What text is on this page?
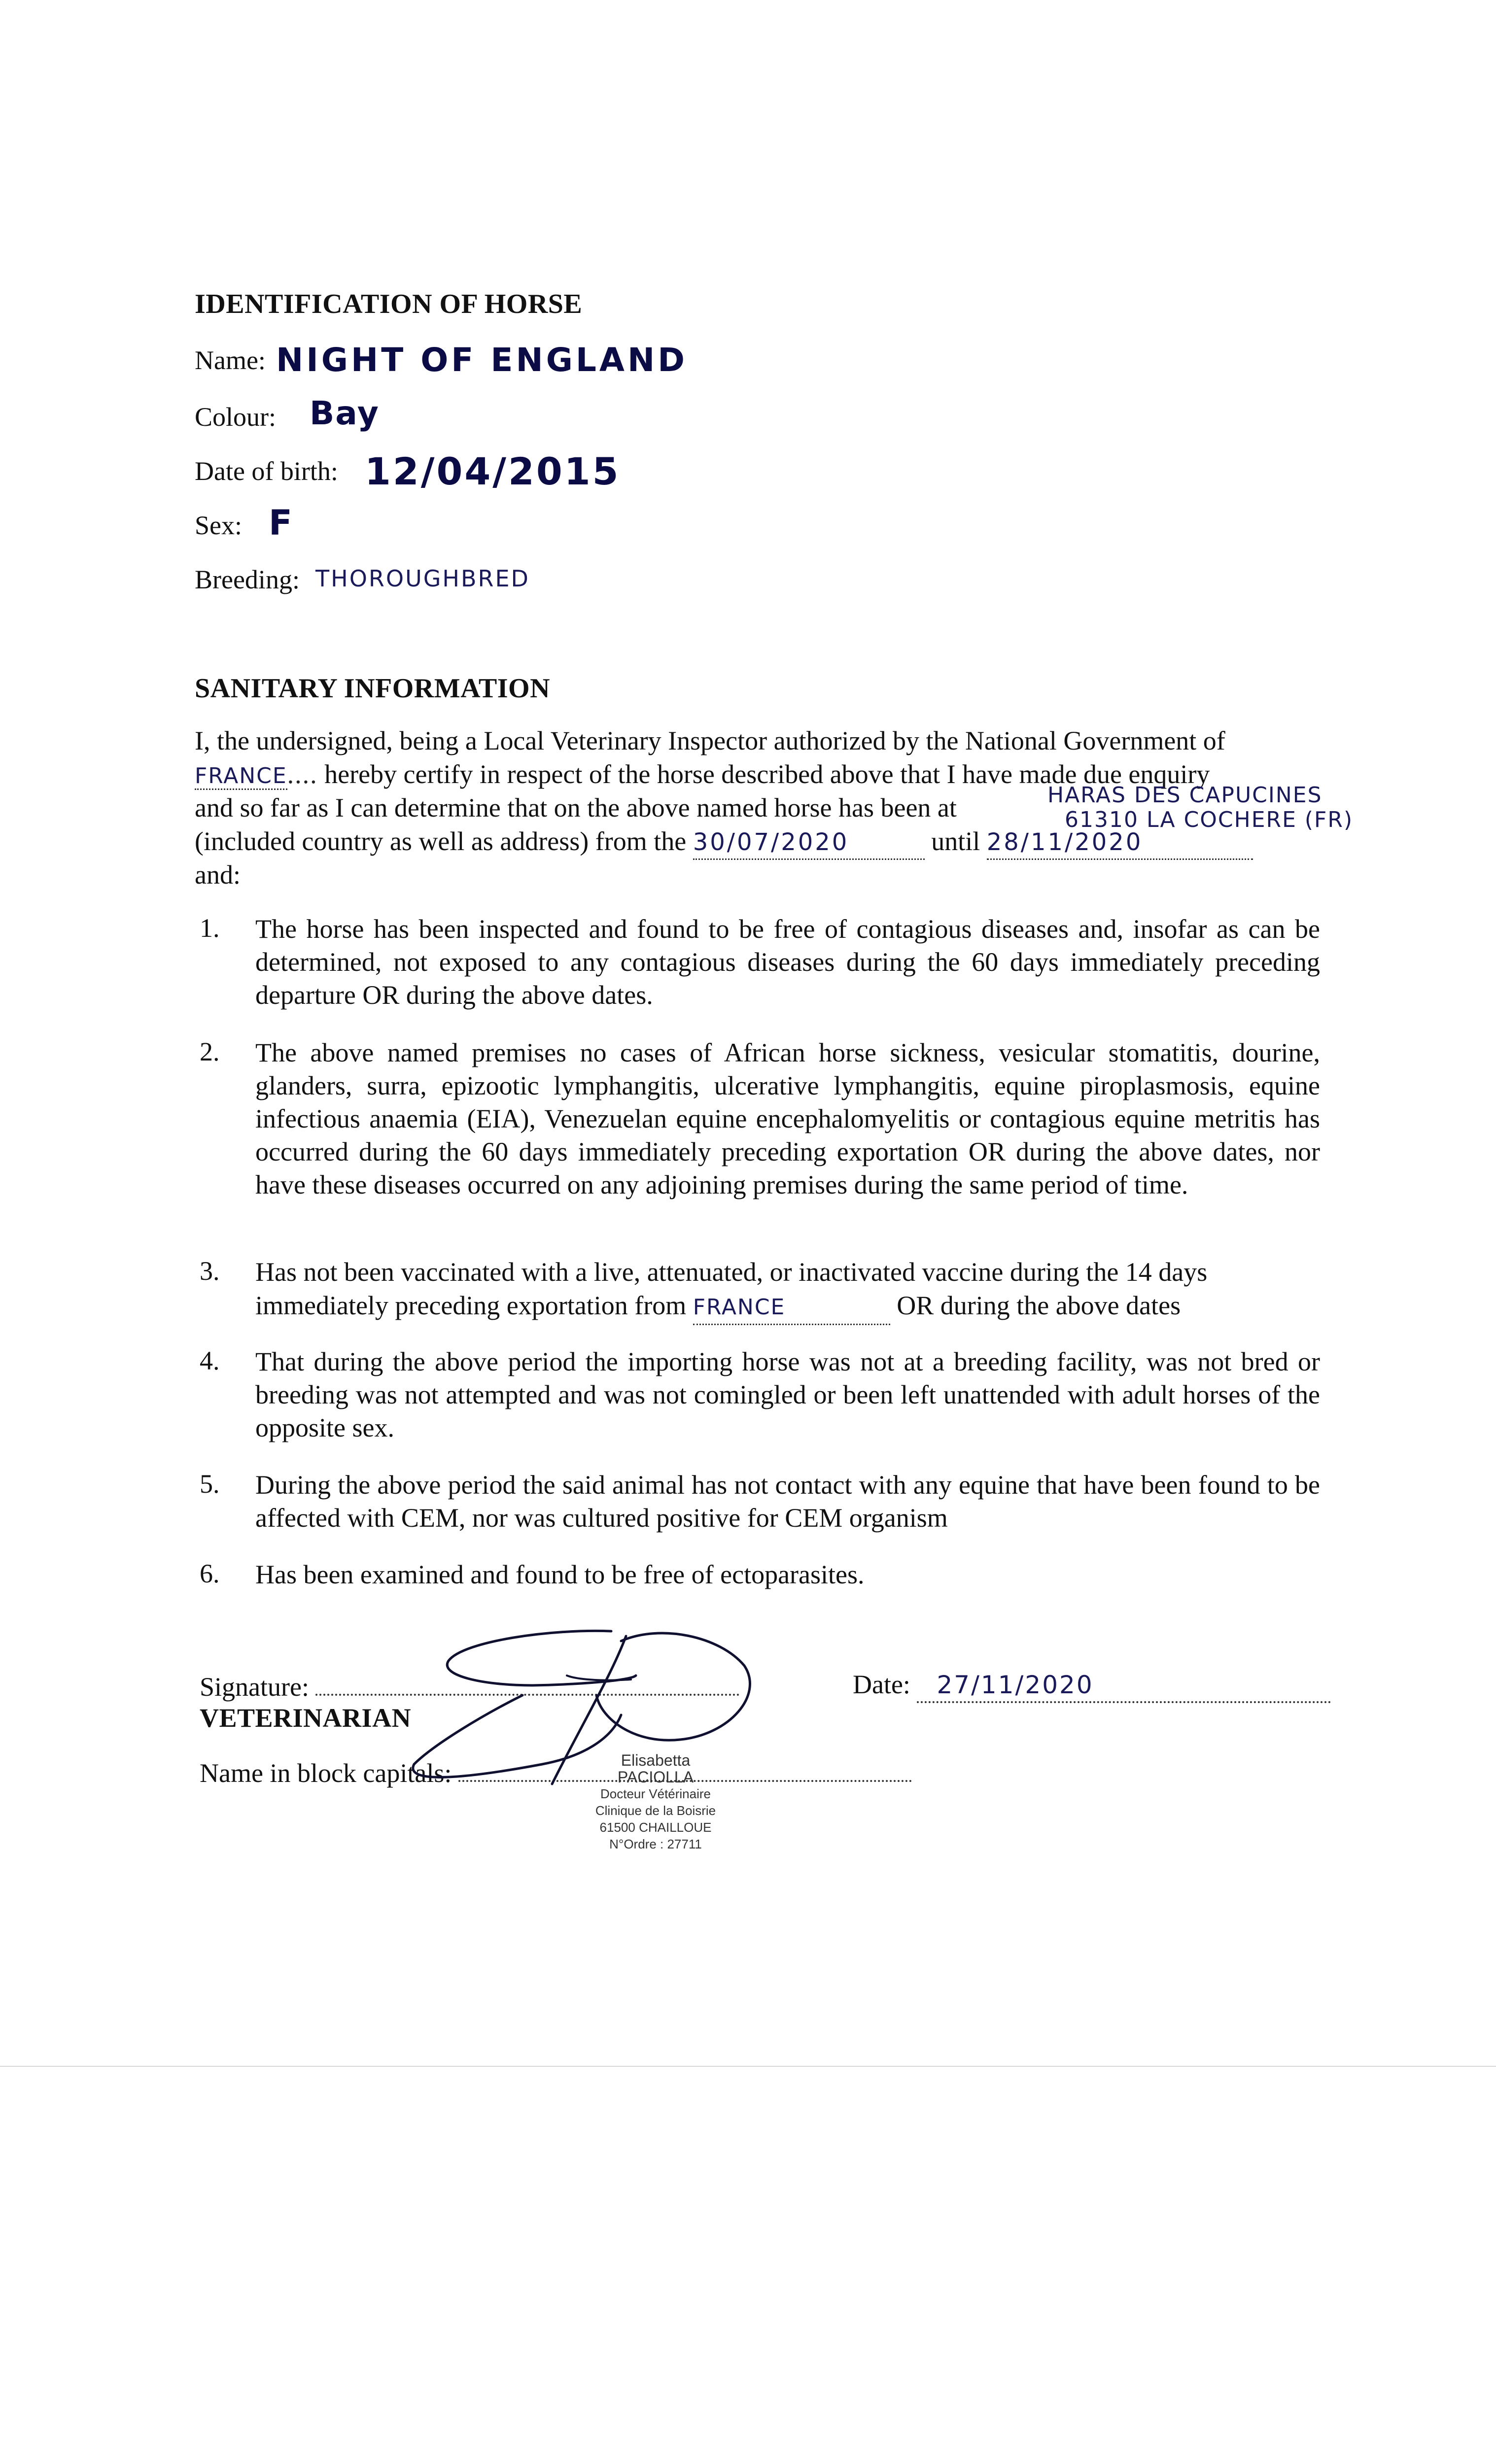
IDENTIFICATION OF HORSE
Name: NIGHT OF ENGLAND
Colour: Bay
Date of birth: 12/04/2015
Sex: F
Breeding: THOROUGHBRED
SANITARY INFORMATION
I, the undersigned, being a Local Veterinary Inspector authorized by the National Government of
FRANCE.... hereby certify in respect of the horse described above that I have made due enquiry
and so far as I can determine that on the above named horse has been at	HARAS DES CAPUCINES
61310 LA COCHERE (FR)
(included country as well as address) from the 30/07/2020	until 28/11/2020
and:
1. The horse has been inspected and found to be free of contagious diseases and, insofar as can be determined, not exposed to any contagious diseases during the 60 days immediately preceding departure OR during the above dates.
2. The above named premises no cases of African horse sickness, vesicular stomatitis, dourine, glanders, surra, epizootic lymphangitis, ulcerative lymphangitis, equine piroplasmosis, equine infectious anaemia (EIA), Venezuelan equine encephalomyelitis or contagious equine metritis has occurred during the 60 days immediately preceding exportation OR during the above dates, nor have these diseases occurred on any adjoining premises during the same period of time.
3. Has not been vaccinated with a live, attenuated, or inactivated vaccine during the 14 days
immediately preceding exportation from FRANCE	OR during the above dates
4. That during the above period the importing horse was not at a breeding facility, was not bred or breeding was not attempted and was not comingled or been left unattended with adult horses of the opposite sex.
5. During the above period the said animal has not contact with any equine that have been found to be affected with CEM, nor was cultured positive for CEM organism
6. Has been examined and found to be free of ectoparasites.
Signature:
VETERINARIAN
Name in block capitals:
Date: 27/11/2020
Elisabetta PACIOLLA
Docteur Vétérinaire
Clinique de la Boisrie
61500 CHAILLOUE
N°Ordre : 27711
